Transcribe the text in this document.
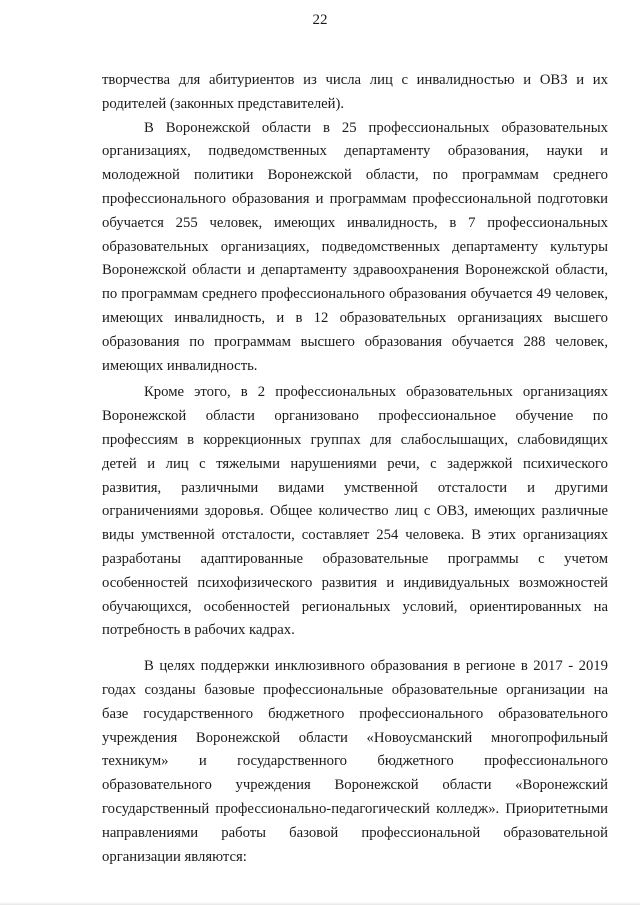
22

творчества для абитуриентов из числа лиц с инвалидностью и ОВЗ и их родителей (законных представителей).

В Воронежской области в 25 профессиональных образовательных организациях, подведомственных департаменту образования, науки и молодежной политики Воронежской области, по программам среднего профессионального образования и программам профессиональной подготовки обучается 255 человек, имеющих инвалидность, в 7 профессиональных образовательных организациях, подведомственных департаменту культуры Воронежской области и департаменту здравоохранения Воронежской области, по программам среднего профессионального образования обучается 49 человек, имеющих инвалидность, и в 12 образовательных организациях высшего образования по программам высшего образования обучается 288 человек, имеющих инвалидность.

Кроме этого, в 2 профессиональных образовательных организациях Воронежской области организовано профессиональное обучение по профессиям в коррекционных группах для слабослышащих, слабовидящих детей и лиц с тяжелыми нарушениями речи, с задержкой психического развития, различными видами умственной отсталости и другими ограничениями здоровья. Общее количество лиц с ОВЗ, имеющих различные виды умственной отсталости, составляет 254 человека. В этих организациях разработаны адаптированные образовательные программы с учетом особенностей психофизического развития и индивидуальных возможностей обучающихся, особенностей региональных условий, ориентированных на потребность в рабочих кадрах.

В целях поддержки инклюзивного образования в регионе в 2017 - 2019 годах созданы базовые профессиональные образовательные организации на базе государственного бюджетного профессионального образовательного учреждения Воронежской области «Новоусманский многопрофильный техникум» и государственного бюджетного профессионального образовательного учреждения Воронежской области «Воронежский государственный профессионально-педагогический колледж». Приоритетными направлениями работы базовой профессиональной образовательной организации являются:
